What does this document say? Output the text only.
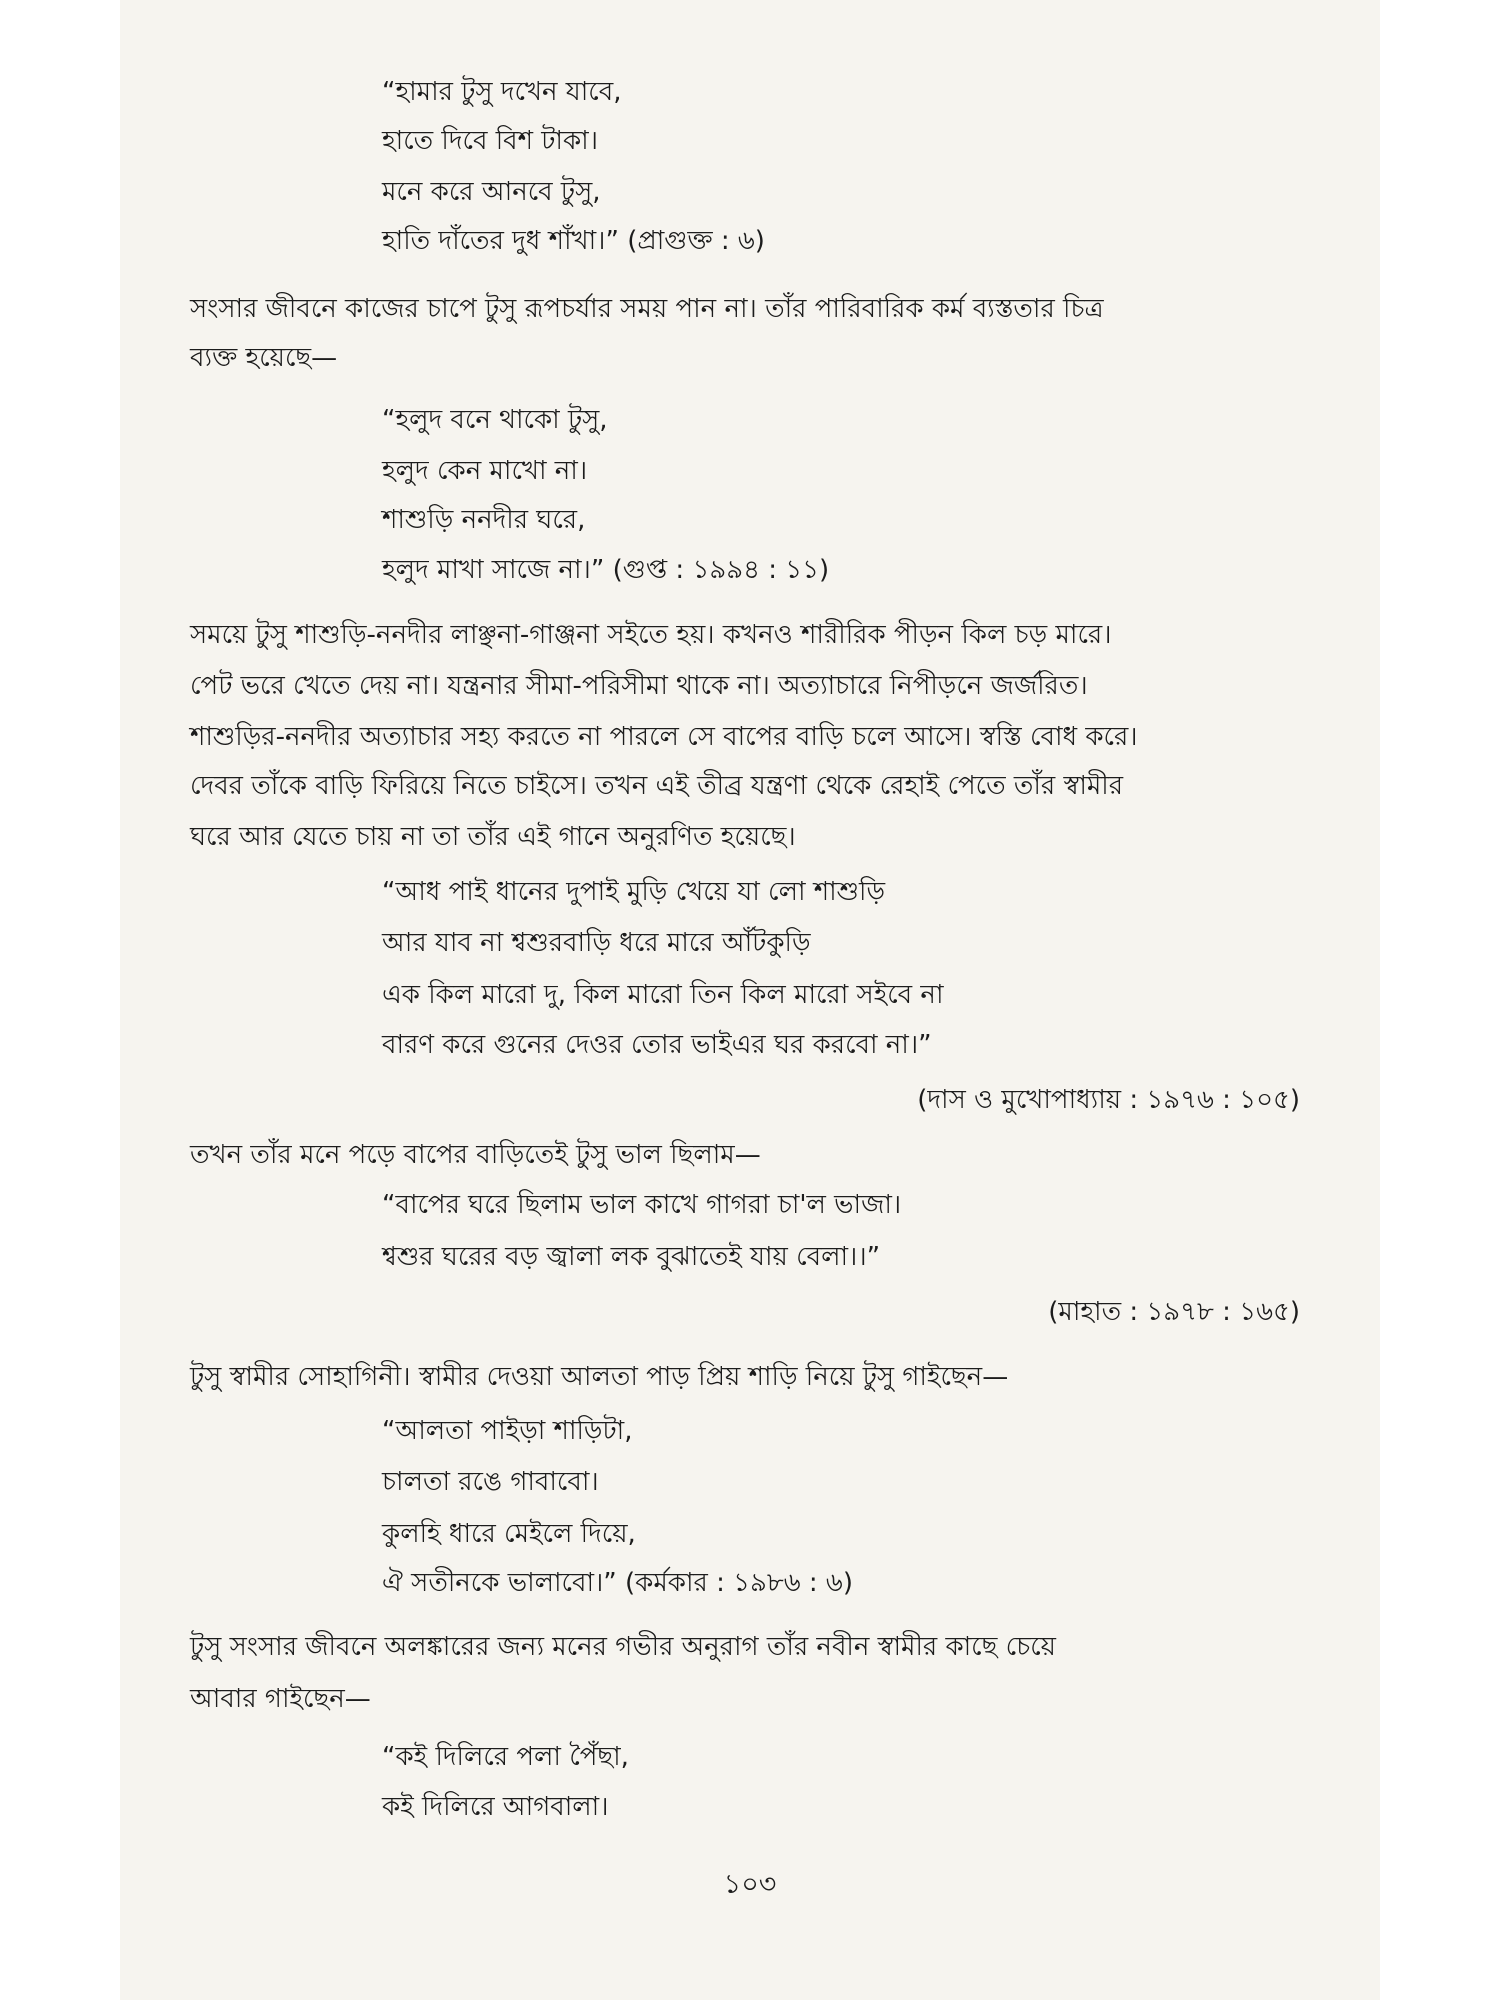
“হামার টুসু দখেন যাবে,
হাতে দিবে বিশ টাকা।
মনে করে আনবে টুসু,
হাতি দাঁতের দুধ শাঁখা।” (প্রাগুক্ত : ৬)
সংসার জীবনে কাজের চাপে টুসু রূপচর্যার সময় পান না। তাঁর পারিবারিক কর্ম ব্যস্ততার চিত্র
ব্যক্ত হয়েছে—
“হলুদ বনে থাকো টুসু,
হলুদ কেন মাখো না।
শাশুড়ি ননদীর ঘরে,
হলুদ মাখা সাজে না।” (গুপ্ত : ১৯৯৪ : ১১)
সময়ে টুসু শাশুড়ি-ননদীর লাঞ্ছনা-গাঞ্জনা সইতে হয়। কখনও শারীরিক পীড়ন কিল চড় মারে।
পেট ভরে খেতে দেয় না। যন্ত্রনার সীমা-পরিসীমা থাকে না। অত্যাচারে নিপীড়নে জর্জরিত।
শাশুড়ির-ননদীর অত্যাচার সহ্য করতে না পারলে সে বাপের বাড়ি চলে আসে। স্বস্তি বোধ করে।
দেবর তাঁকে বাড়ি ফিরিয়ে নিতে চাইসে। তখন এই তীব্র যন্ত্রণা থেকে রেহাই পেতে তাঁর স্বামীর
ঘরে আর যেতে চায় না তা তাঁর এই গানে অনুরণিত হয়েছে।
“আধ পাই ধানের দুপাই মুড়ি খেয়ে যা লো শাশুড়ি
আর যাব না শ্বশুরবাড়ি ধরে মারে আঁটকুড়ি
এক কিল মারো দু, কিল মারো তিন কিল মারো সইবে না
বারণ করে গুনের দেওর তোর ভাইএর ঘর করবো না।”
(দাস ও মুখোপাধ্যায় : ১৯৭৬ : ১০৫)
তখন তাঁর মনে পড়ে বাপের বাড়িতেই টুসু ভাল ছিলাম—
“বাপের ঘরে ছিলাম ভাল কাখে গাগরা চা'ল ভাজা।
শ্বশুর ঘরের বড় জ্বালা লক বুঝাতেই যায় বেলা।।”
(মাহাত : ১৯৭৮ : ১৬৫)
টুসু স্বামীর সোহাগিনী। স্বামীর দেওয়া আলতা পাড় প্রিয় শাড়ি নিয়ে টুসু গাইছেন—
“আলতা পাইড়া শাড়িটা,
চালতা রঙে গাবাবো।
কুলহি ধারে মেইলে দিয়ে,
ঐ সতীনকে ভালাবো।” (কর্মকার : ১৯৮৬ : ৬)
টুসু সংসার জীবনে অলঙ্কারের জন্য মনের গভীর অনুরাগ তাঁর নবীন স্বামীর কাছে চেয়ে
আবার গাইছেন—
“কই দিলিরে পলা পৈঁছা,
কই দিলিরে আগবালা।
১০৩
